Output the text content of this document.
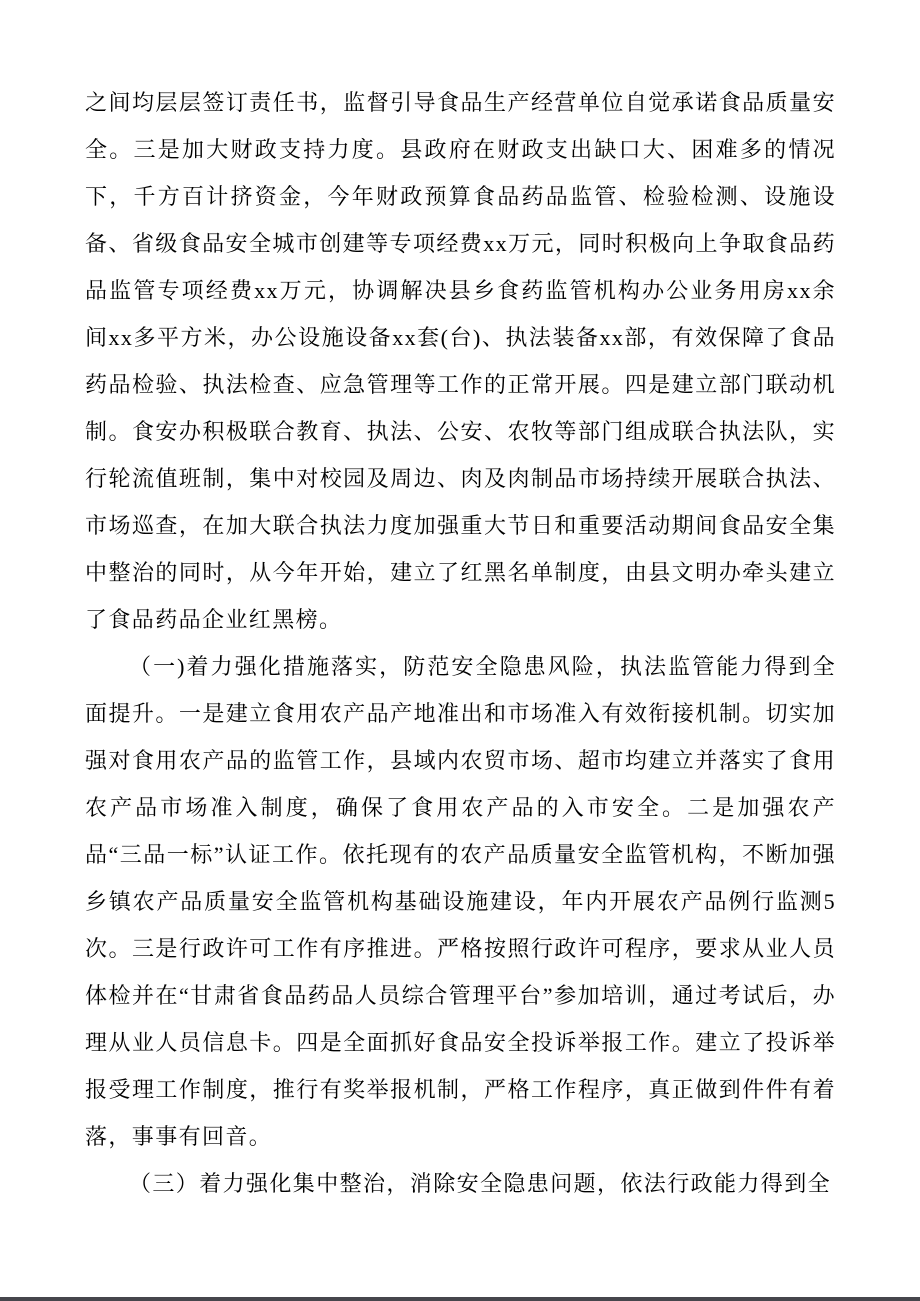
之间均层层签订责任书，监督引导食品生产经营单位自觉承诺食品质量安全。三是加大财政支持力度。县政府在财政支出缺口大、困难多的情况下，千方百计挤资金，今年财政预算食品药品监管、检验检测、设施设备、省级食品安全城市创建等专项经费xx万元，同时积极向上争取食品药品监管专项经费xx万元，协调解决县乡食药监管机构办公业务用房xx余间xx多平方米，办公设施设备xx套(台)、执法装备xx部，有效保障了食品药品检验、执法检查、应急管理等工作的正常开展。四是建立部门联动机制。食安办积极联合教育、执法、公安、农牧等部门组成联合执法队，实行轮流值班制，集中对校园及周边、肉及肉制品市场持续开展联合执法、市场巡查，在加大联合执法力度加强重大节日和重要活动期间食品安全集中整治的同时，从今年开始，建立了红黑名单制度，由县文明办牵头建立了食品药品企业红黑榜。

（一)着力强化措施落实，防范安全隐患风险，执法监管能力得到全面提升。一是建立食用农产品产地准出和市场准入有效衔接机制。切实加强对食用农产品的监管工作，县域内农贸市场、超市均建立并落实了食用农产品市场准入制度，确保了食用农产品的入市安全。二是加强农产品“三品一标”认证工作。依托现有的农产品质量安全监管机构，不断加强乡镇农产品质量安全监管机构基础设施建设，年内开展农产品例行监测5次。三是行政许可工作有序推进。严格按照行政许可程序，要求从业人员体检并在“甘肃省食品药品人员综合管理平台”参加培训，通过考试后，办理从业人员信息卡。四是全面抓好食品安全投诉举报工作。建立了投诉举报受理工作制度，推行有奖举报机制，严格工作程序，真正做到件件有着落，事事有回音。

（三）着力强化集中整治，消除安全隐患问题，依法行政能力得到全
